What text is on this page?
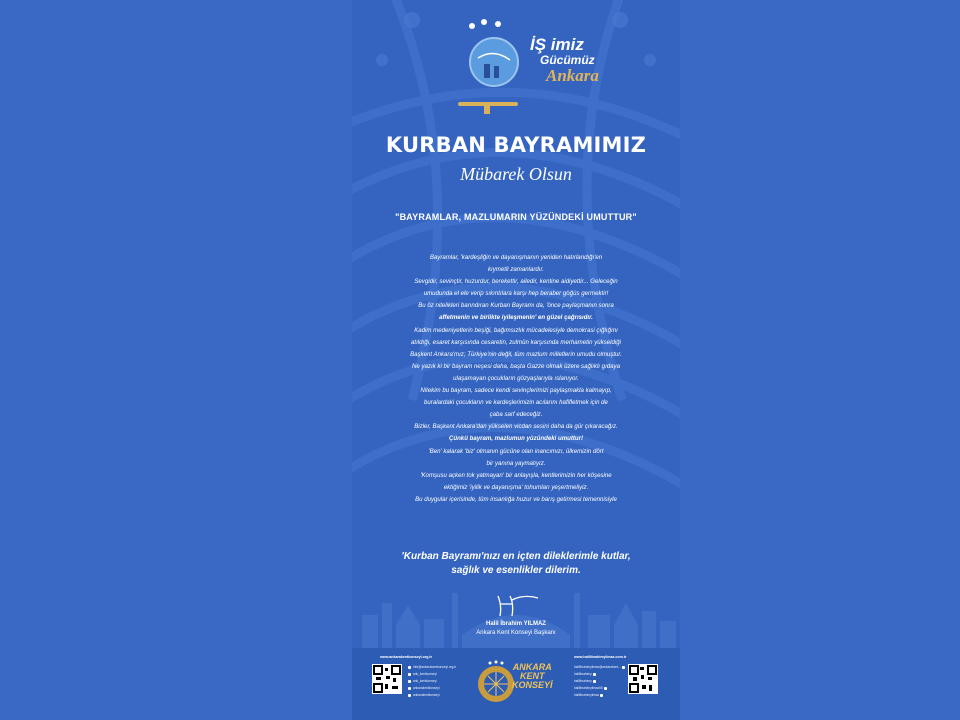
İŞ imiz
Gücümüz
Ankara
KURBAN BAYRAMIMIZ
Mübarek Olsun
"BAYRAMLAR, MAZLUMARIN YÜZÜNDEKİ UMUTTUR"

Bayramlar, 'kardeşliğin ve dayanışmanın yeniden hatırlandığı'en

kıymetli zamanlardır.

Sevgidir, sevinçtir, huzurdur, berekettir, ailedir, kentine aidiyettir... Geleceğin

umudunda el ele verip sıkıntılara karşı hep beraber göğüs germektir!

Bu öz nitelikleri barındıran Kurban Bayramı da, 'önce paylaşmanın sonra

affetmenin ve birlikte iyileşmenin' en güzel çağrısıdır.

Kadim medeniyetlerin beşiği, bağımsızlık mücadelesiyle demokrasi çığlığını

atıldığı, esaret karşısında cesaretin, zulmün karşısında merhametin yükseldiği

Başkent Ankara'mız; Türkiye'nin değil, tüm mazlum milletlerin umudu olmuştur.

Ne yazık ki bir bayram neşesi daha, başta Gazze olmak üzere sağlıklı gıdaya

ulaşamayan çocukların gözyaşlarıyla ıslanıyor.

Nitekim bu bayram, sadece kendi sevinçlerimizi paylaşmakla kalmayıp,

buralardaki çocukların ve kardeşlerimizin acılarını hafifletmek için de

çaba sarf edeceğiz.

Bizler, Başkent Ankara'dan yükselen vicdan sesini daha da gür çıkaracağız.

Çünkü bayram, mazlumun yüzündeki umuttur!

'Ben' kalarak 'biz' olmanın gücüne olan inancımızı, ülkemizin dört

bir yanına yaymalıyız.

'Komşusu açken tok yatmayan' bir anlayışla, kentlerimizin her köşesine

ektiğimiz 'iyilik ve dayanışma' tohumları yeşertmeliyiz.

Bu duygular içerisinde, tüm insanlığa huzur ve barış getirmesi temennisiyle

'Kurban Bayramı'nızı en içten dileklerimle kutlar,
sağlık ve esenlikler dilerim.
Halil İbrahim YILMAZ
Ankara Kent Konseyi Başkanı
www.ankarakentkonseyi.org.tr
info@ankarakentkonseyi.org.tr
ank_kentkonseyi
ank_kentkonseyi
ankarakentkonseyi
ankarakentkonseyi
ANKARA
KENT
KONSEYİ
www.halilibrahimyilmaz.com.tr
halilibrahimyilmaz@ankarakent...
halilibrahimy
halilibrahimy
halilibrahimyilmaz06
halilibrahimyilmaz
